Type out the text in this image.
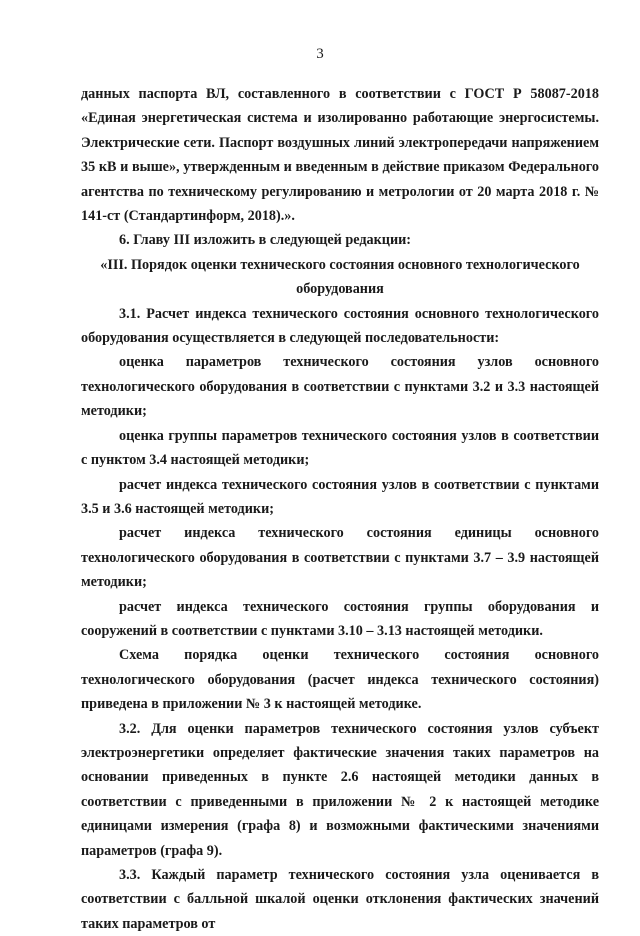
3

данных паспорта ВЛ, составленного в соответствии с ГОСТ Р 58087-2018 «Единая энергетическая система и изолированно работающие энергосистемы. Электрические сети. Паспорт воздушных линий электропередачи напряжением 35 кВ и выше», утвержденным и введенным в действие приказом Федерального агентства по техническому регулированию и метрологии от 20 марта 2018 г. № 141-ст (Стандартинформ, 2018).».

6. Главу III изложить в следующей редакции:

«III. Порядок оценки технического состояния основного технологического оборудования

3.1. Расчет индекса технического состояния основного технологического оборудования осуществляется в следующей последовательности:

оценка параметров технического состояния узлов основного технологического оборудования в соответствии с пунктами 3.2 и 3.3 настоящей методики;

оценка группы параметров технического состояния узлов в соответствии с пунктом 3.4 настоящей методики;

расчет индекса технического состояния узлов в соответствии с пунктами 3.5 и 3.6 настоящей методики;

расчет индекса технического состояния единицы основного технологического оборудования в соответствии с пунктами 3.7 – 3.9 настоящей методики;

расчет индекса технического состояния группы оборудования и сооружений в соответствии с пунктами 3.10 – 3.13 настоящей методики.

Схема порядка оценки технического состояния основного технологического оборудования (расчет индекса технического состояния) приведена в приложении № 3 к настоящей методике.

3.2. Для оценки параметров технического состояния узлов субъект электроэнергетики определяет фактические значения таких параметров на основании приведенных в пункте 2.6 настоящей методики данных в соответствии с приведенными в приложении № 2 к настоящей методике единицами измерения (графа 8) и возможными фактическими значениями параметров (графа 9).

3.3. Каждый параметр технического состояния узла оценивается в соответствии с балльной шкалой оценки отклонения фактических значений таких параметров от
